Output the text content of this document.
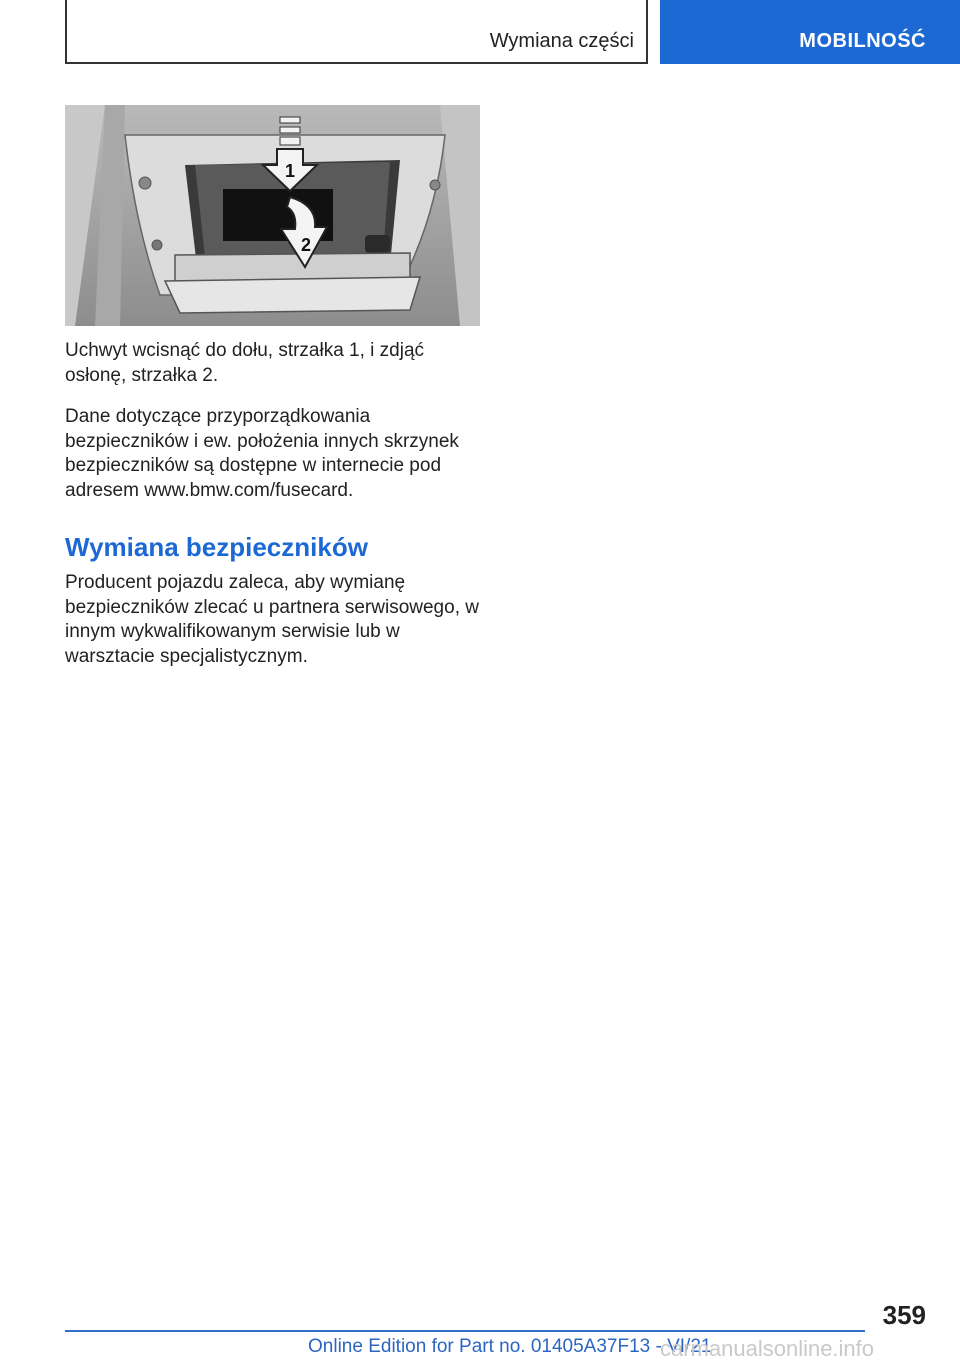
Wymiana części	MOBILNOŚĆ
1
2
Uchwyt wcisnąć do dołu, strzałka 1, i zdjąć osłonę, strzałka 2.
Dane dotyczące przyporządkowania bezpieczników i ew. położenia innych skrzynek bezpieczników są dostępne w internecie pod adresem www.bmw.com/fusecard.
Wymiana bezpieczników
Producent pojazdu zaleca, aby wymianę bezpieczników zlecać u partnera serwisowego, w innym wykwalifikowanym serwisie lub w warsztacie specjalistycznym.
359
Online Edition for Part no. 01405A37F13 - VI/21
carmanualsonline.info
